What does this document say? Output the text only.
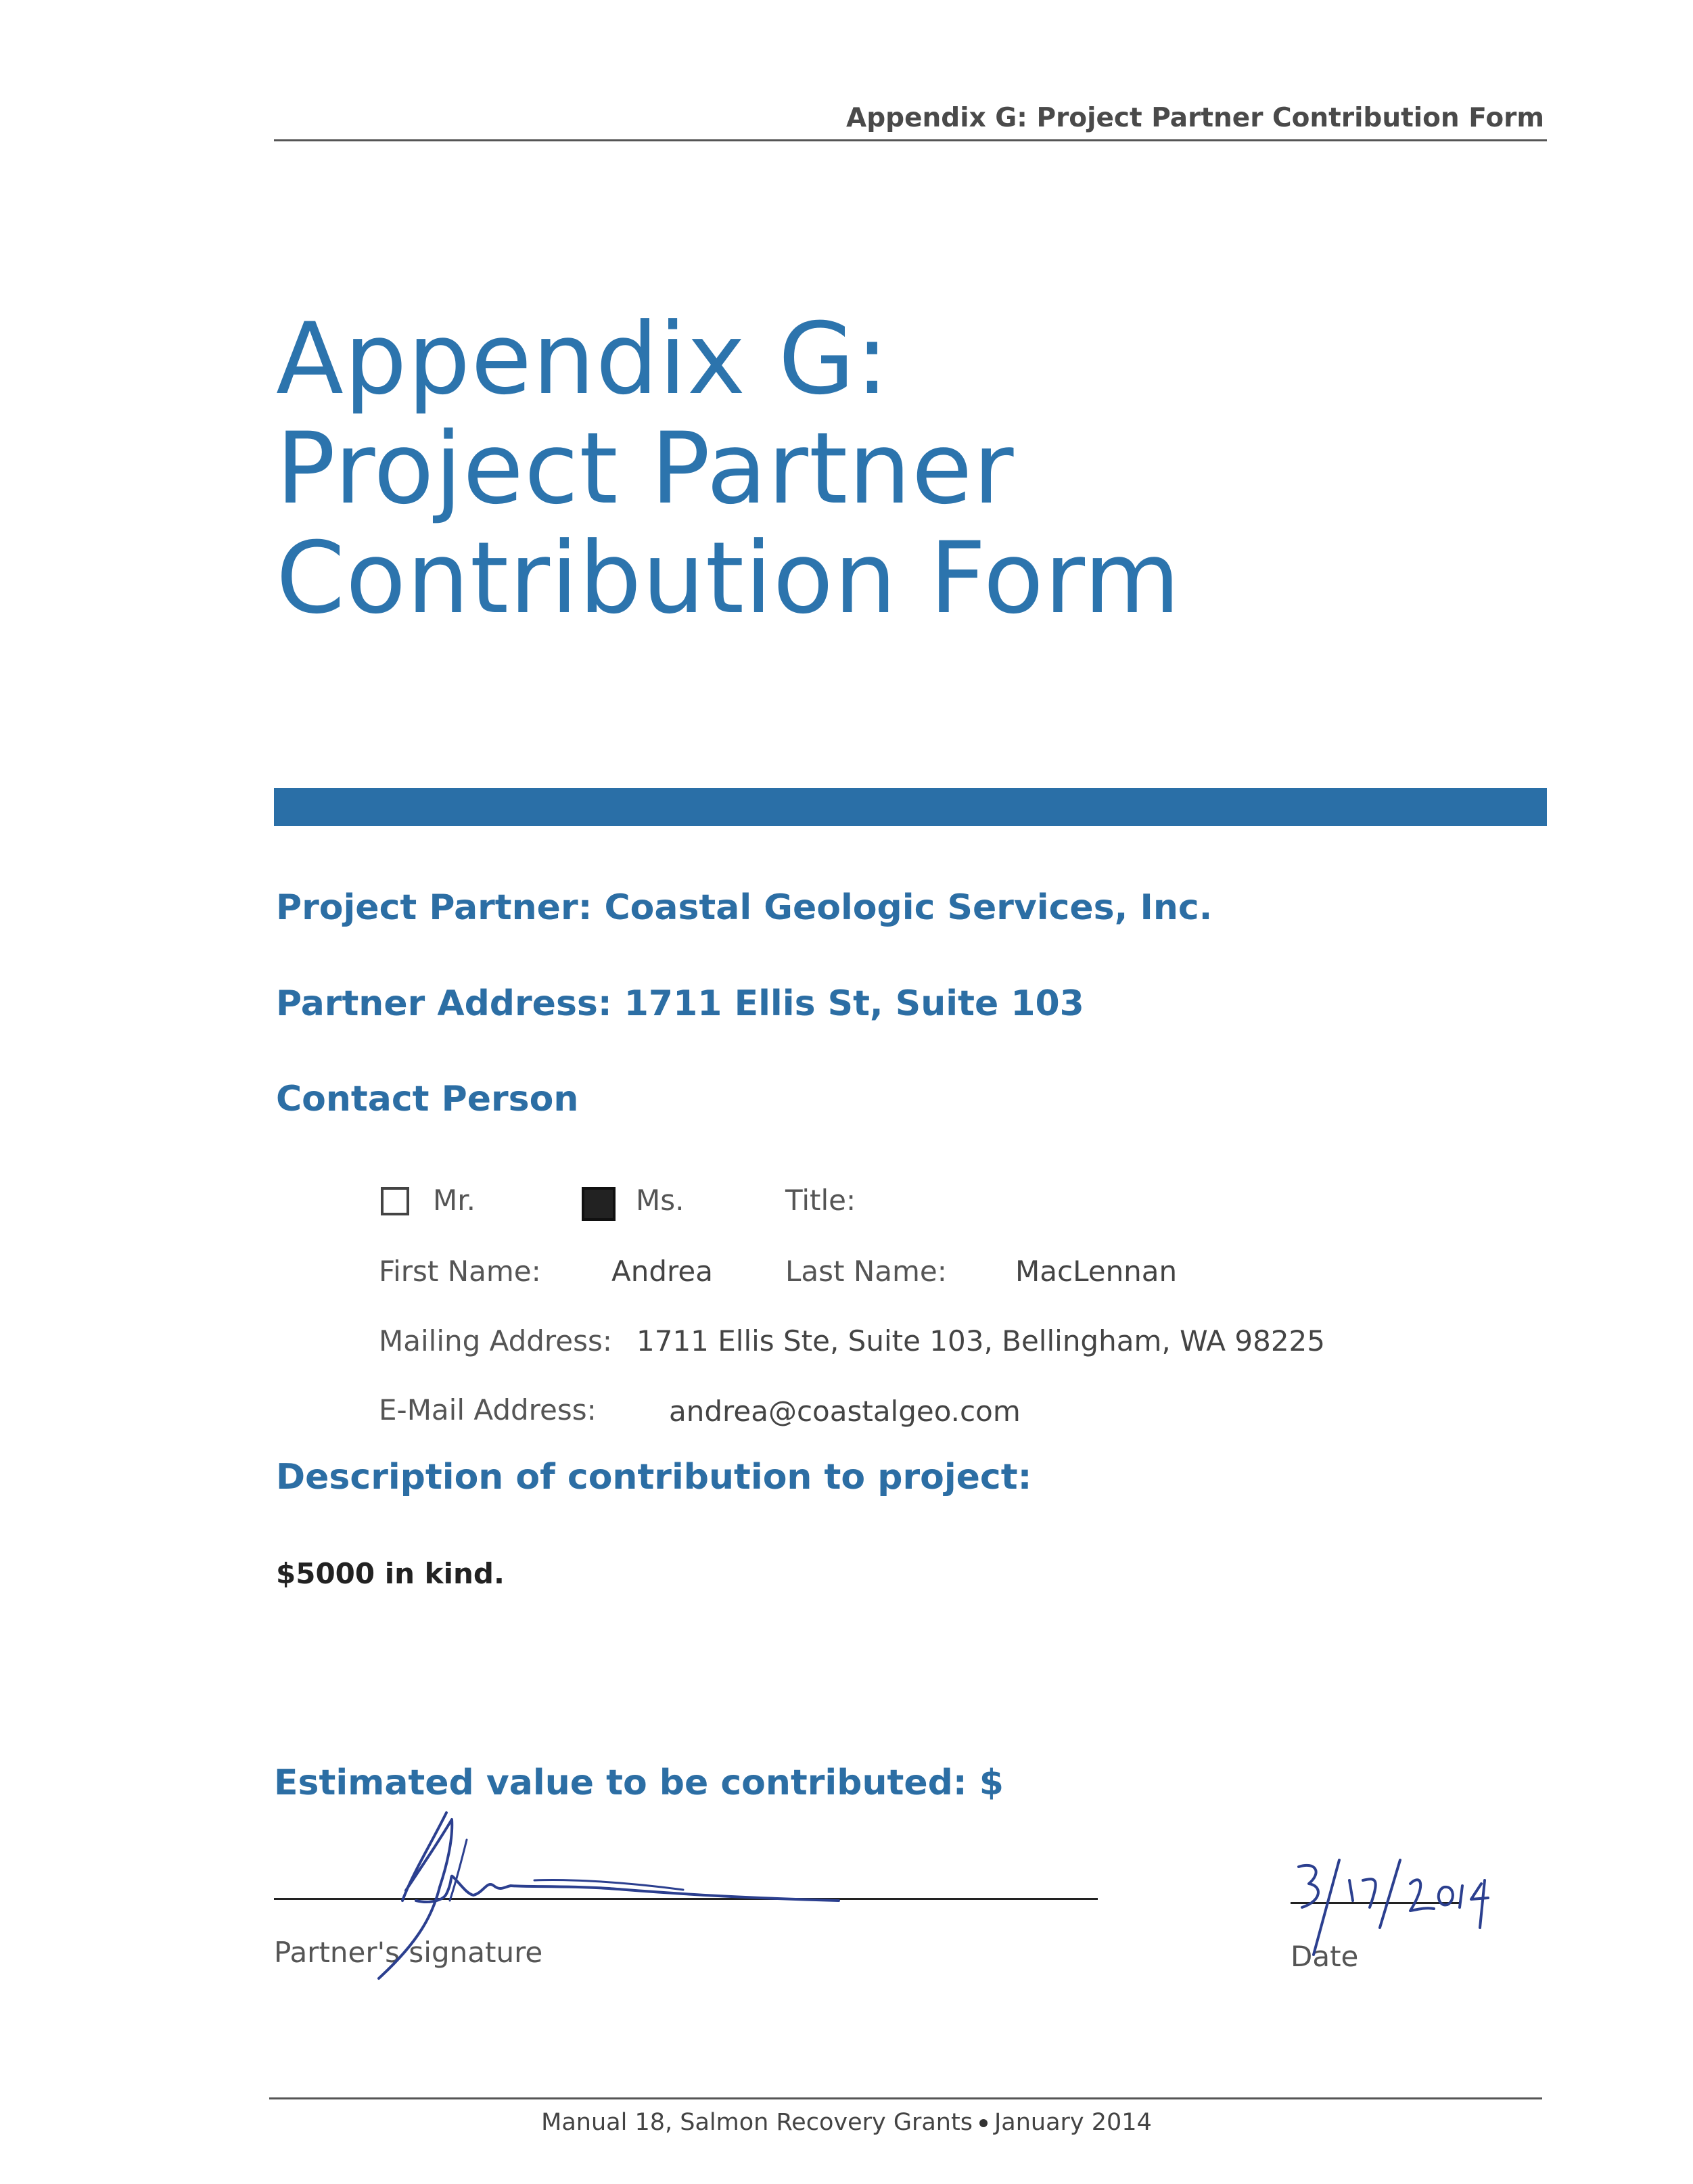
Appendix G: Project Partner Contribution Form
Appendix G:
Project Partner
Contribution Form
Project Partner: Coastal Geologic Services, Inc.
Partner Address: 1711 Ellis St, Suite 103
Contact Person
Mr.	Ms.	Title:
First Name: Andrea	Last Name: MacLennan
Mailing Address: 1711 Ellis Ste, Suite 103, Bellingham, WA 98225
E-Mail Address:	andrea@coastalgeo.com
Description of contribution to project:
$5000 in kind.
Estimated value to be contributed: $
Partner's signature	Date
Manual 18, Salmon Recovery Grants January 2014
